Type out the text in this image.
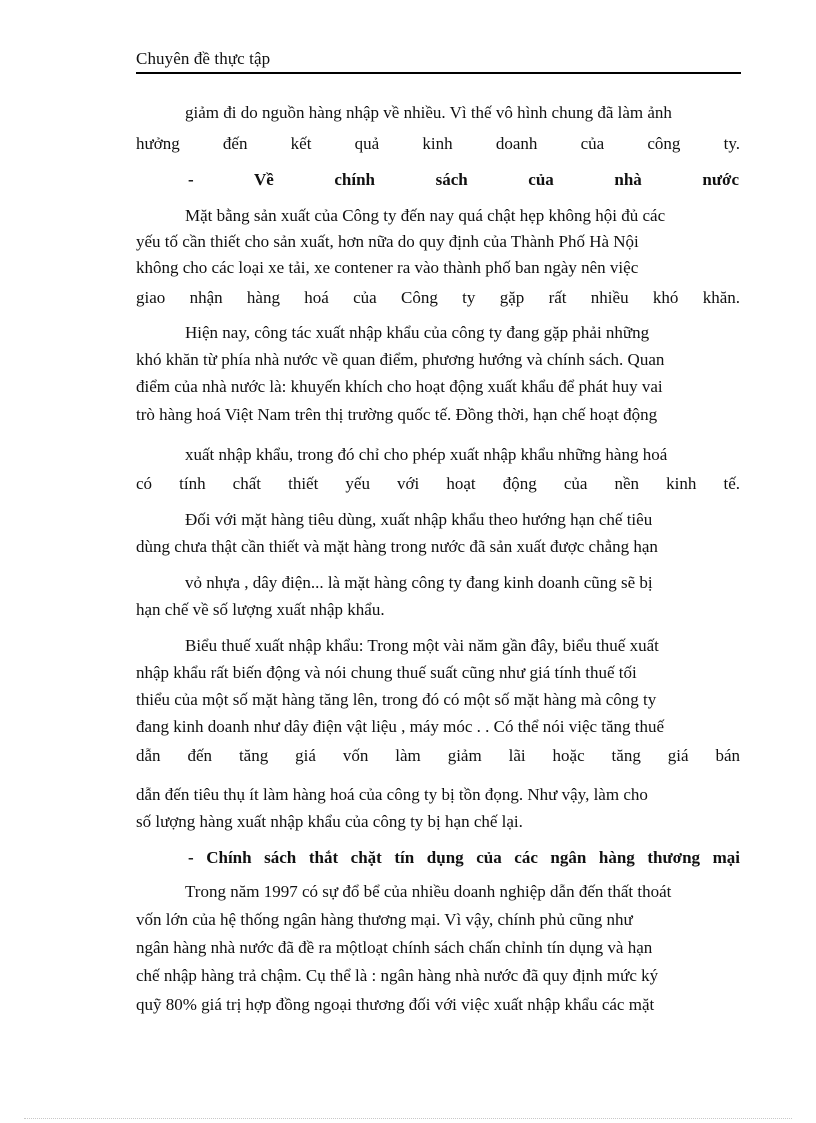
Chuyên đề thực tập
giảm đi do nguồn hàng nhập về nhiều. Vì thế vô hình chung đã làm ảnh
hưởng đến kết quả kinh doanh của công ty.
- Về chính sách của nhà nước
Mặt bằng sản xuất của Công ty đến nay quá chật hẹp không hội đủ các
yếu tố cần thiết cho sản xuất, hơn nữa do quy định của Thành Phố Hà Nội
không cho các loại xe tải, xe contener ra vào thành phố ban ngày nên việc
giao nhận hàng hoá của Công ty gặp rất nhiều khó khăn.
Hiện nay, công tác xuất nhập khẩu của công ty đang gặp phải những
khó khăn từ phía nhà nước về quan điểm, phương hướng và chính sách. Quan
điểm của nhà nước là: khuyến khích cho hoạt động xuất khẩu để phát huy vai
trò hàng hoá Việt Nam trên thị trường quốc tế. Đồng thời, hạn chế hoạt động
xuất nhập khẩu, trong đó chỉ cho phép xuất nhập khẩu những hàng hoá
có tính chất thiết yếu với hoạt động của nền kinh tế.
Đối với mặt hàng tiêu dùng, xuất nhập khẩu theo hướng hạn chế tiêu
dùng chưa thật cần thiết và mặt hàng trong nước đã sản xuất được chẳng hạn
vỏ nhựa , dây điện... là mặt hàng công ty đang kinh doanh cũng sẽ bị
hạn chế về số lượng xuất nhập khẩu.
Biểu thuế xuất nhập khẩu: Trong một vài năm gần đây, biểu thuế xuất
nhập khẩu rất biến động và nói chung thuế suất cũng như giá tính thuế tối
thiểu của một số mặt hàng tăng lên, trong đó có một số mặt hàng mà công ty
đang kinh doanh như dây điện vật liệu , máy móc . . Có thể nói việc tăng thuế
dẫn đến tăng giá vốn làm giảm lãi hoặc tăng giá bán
dẫn đến tiêu thụ ít làm hàng hoá của công ty bị tồn đọng. Như vậy, làm cho
số lượng hàng xuất nhập khẩu của công ty bị hạn chế lại.
- Chính sách thắt chặt tín dụng của các ngân hàng thương mại
Trong năm 1997 có sự đổ bể của nhiều doanh nghiệp dẫn đến thất thoát
vốn lớn của hệ thống ngân hàng thương mại. Vì vậy, chính phủ cũng như
ngân hàng nhà nước đã đề ra mộtloạt chính sách chấn chỉnh tín dụng và hạn
chế nhập hàng trả chậm. Cụ thể là : ngân hàng nhà nước đã quy định mức ký
quỹ 80% giá trị hợp đồng ngoại thương đối với việc xuất nhập khẩu các mặt
